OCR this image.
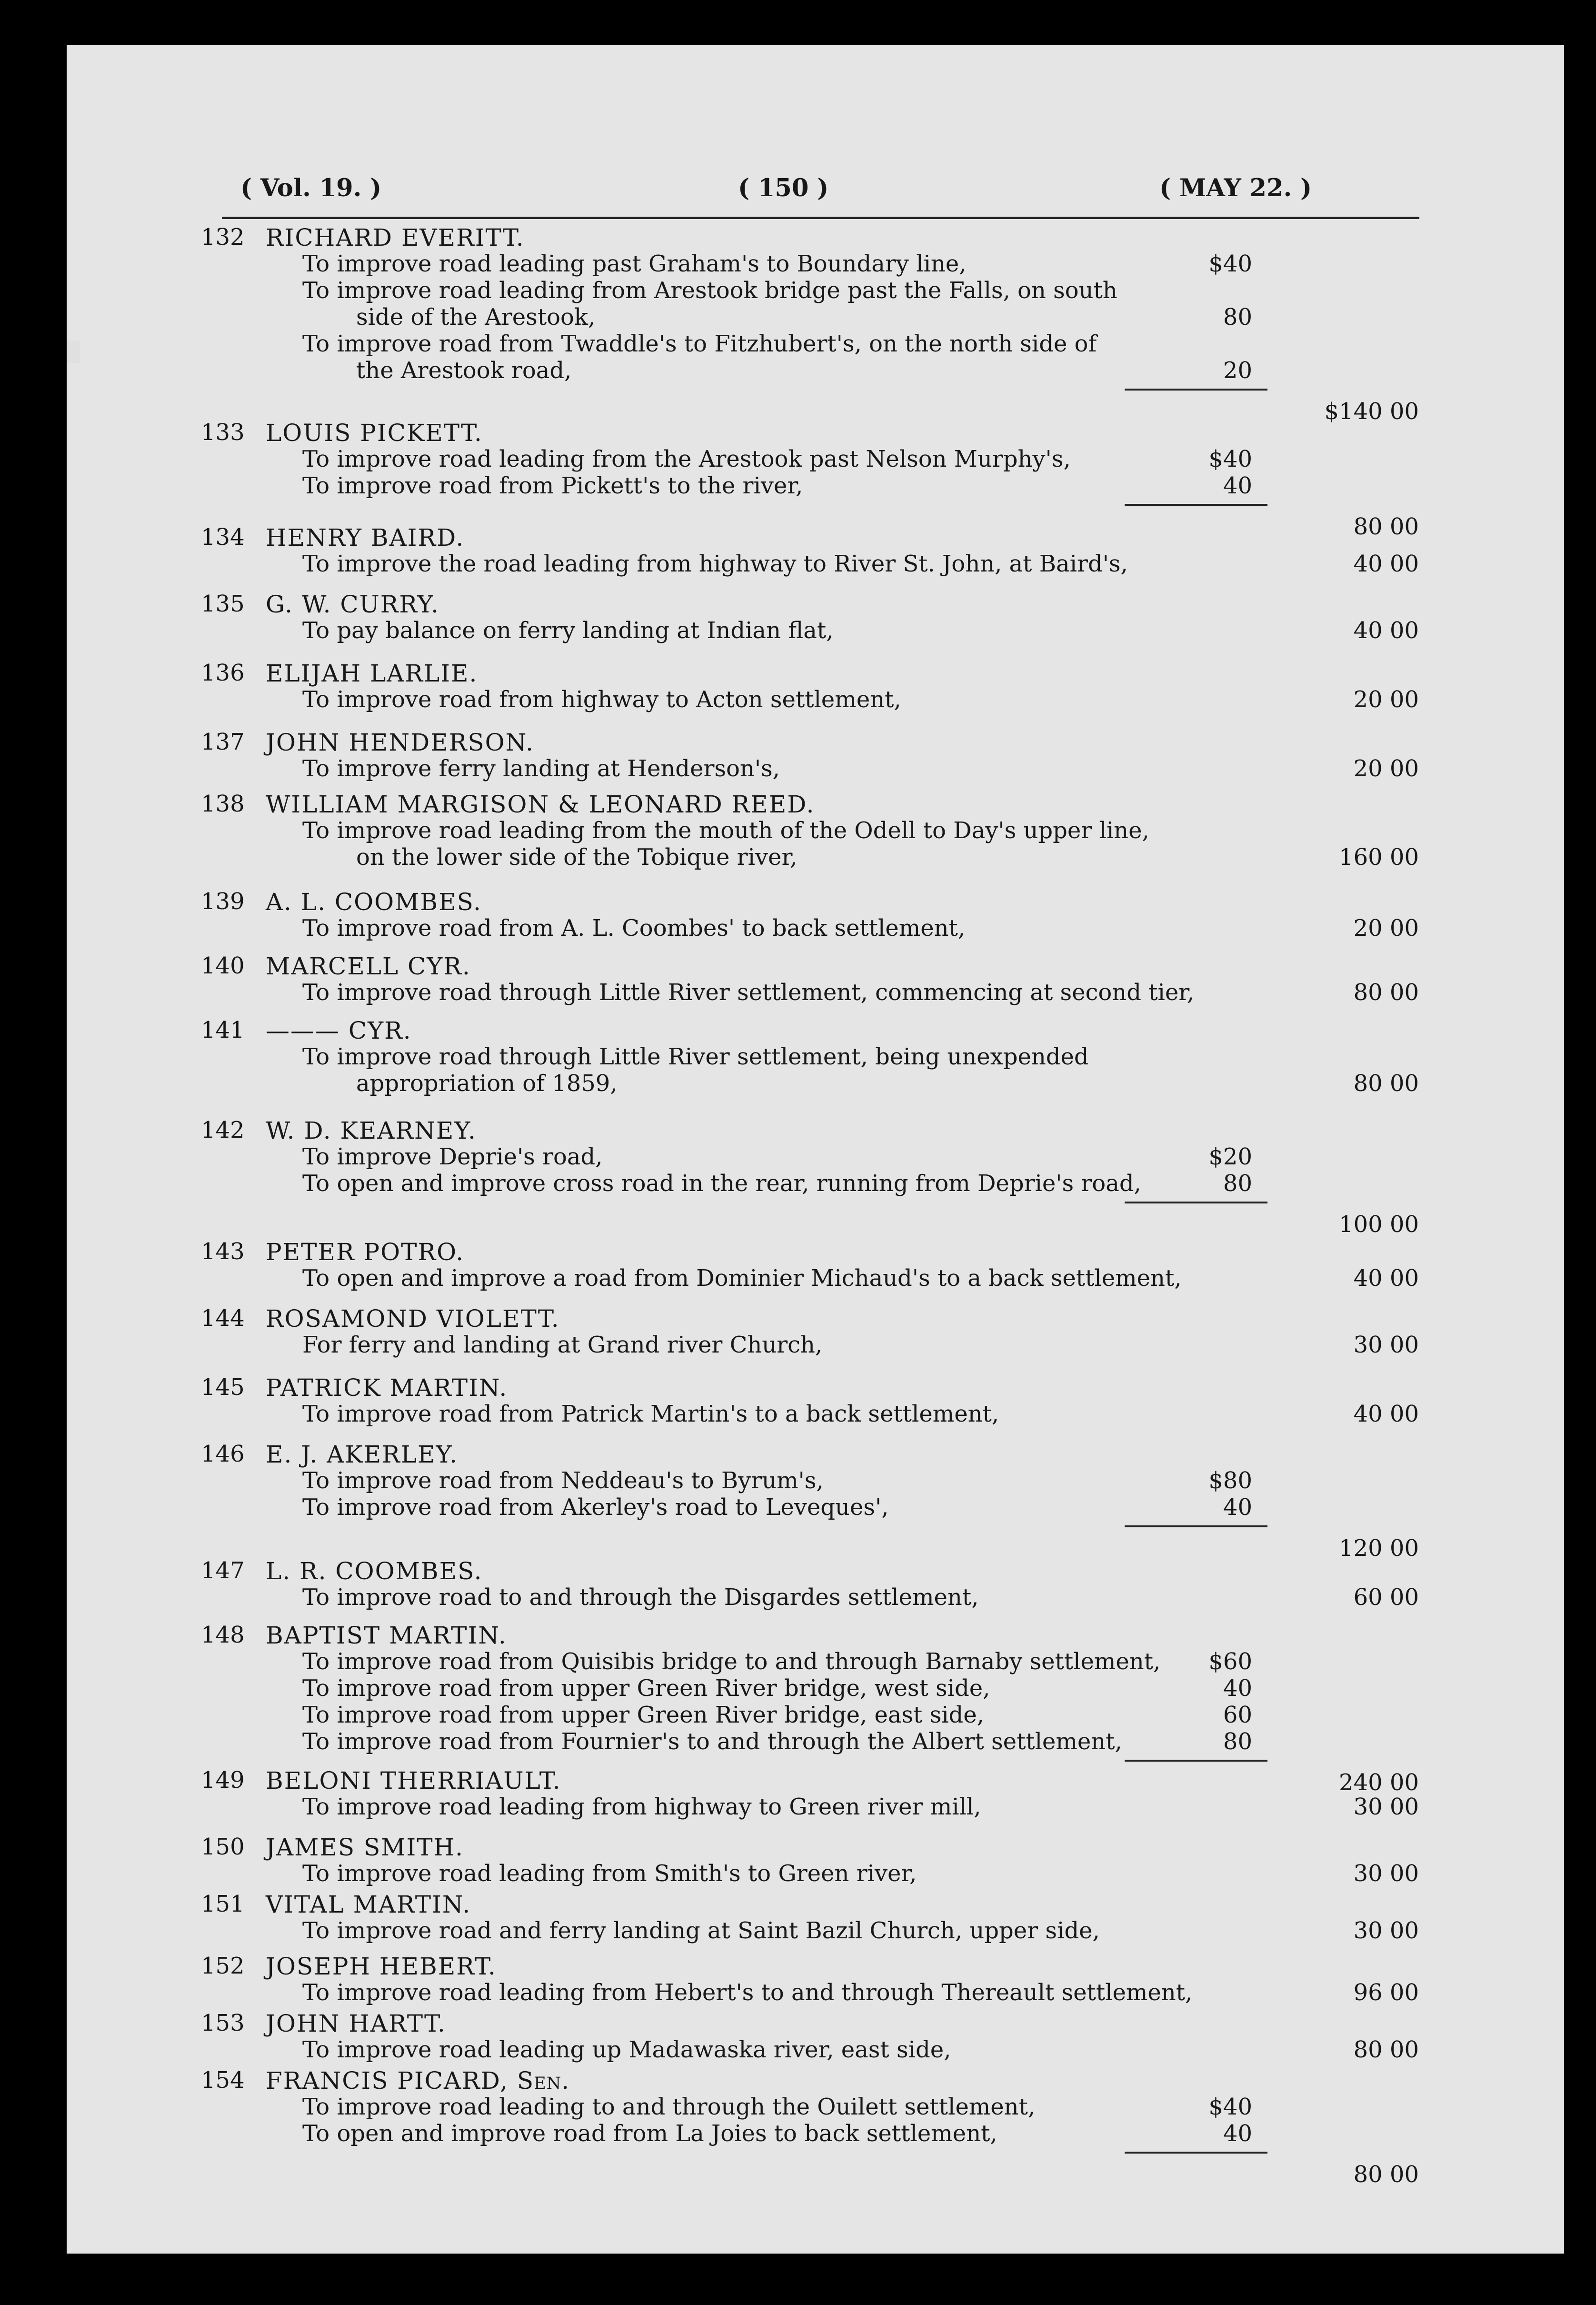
( Vol. 19. )	( 150 )	( MAY 22. )
132 RICHARD EVERITT.
To improve road leading past Graham's to Boundary line,	$40
To improve road leading from Arestook bridge past the Falls, on south
side of the Arestook,	80
To improve road from Twaddle's to Fitzhubert's, on the north side of
the Arestook road,	20
$140 00
133 LOUIS PICKETT.
To improve road leading from the Arestook past Nelson Murphy's,	$40
To improve road from Pickett's to the river,	40
80 00
134 HENRY BAIRD.
To improve the road leading from highway to River St. John, at Baird's,	40 00
135 G. W. CURRY.
To pay balance on ferry landing at Indian flat,	40 00
136 ELIJAH LARLIE.
To improve road from highway to Acton settlement,	20 00
137 JOHN HENDERSON.
To improve ferry landing at Henderson's,	20 00
138 WILLIAM MARGISON & LEONARD REED.
To improve road leading from the mouth of the Odell to Day's upper line,
on the lower side of the Tobique river,	160 00
139 A. L. COOMBES.
To improve road from A. L. Coombes' to back settlement,	20 00
140 MARCELL CYR.
To improve road through Little River settlement, commencing at second tier,	80 00
141 ——— CYR.
To improve road through Little River settlement, being unexpended
appropriation of 1859,	80 00
142 W. D. KEARNEY.
To improve Deprie's road,	$20
To open and improve cross road in the rear, running from Deprie's road,	80
100 00
143 PETER POTRO.
To open and improve a road from Dominier Michaud's to a back settlement,	40 00
144 ROSAMOND VIOLETT.
For ferry and landing at Grand river Church,	30 00
145 PATRICK MARTIN.
To improve road from Patrick Martin's to a back settlement,	40 00
146 E. J. AKERLEY.
To improve road from Neddeau's to Byrum's,	$80
To improve road from Akerley's road to Leveques',	40
120 00
147 L. R. COOMBES.
To improve road to and through the Disgardes settlement,	60 00
148 BAPTIST MARTIN.
To improve road from Quisibis bridge to and through Barnaby settlement,	$60
To improve road from upper Green River bridge, west side,	40
To improve road from upper Green River bridge, east side,	60
To improve road from Fournier's to and through the Albert settlement,	80
240 00
149 BELONI THERRIAULT.
To improve road leading from highway to Green river mill,	30 00
150 JAMES SMITH.
To improve road leading from Smith's to Green river,	30 00
151 VITAL MARTIN.
To improve road and ferry landing at Saint Bazil Church, upper side,	30 00
152 JOSEPH HEBERT.
To improve road leading from Hebert's to and through Thereault settlement,	96 00
153 JOHN HARTT.
To improve road leading up Madawaska river, east side,	80 00
154 FRANCIS PICARD, Sen.
To improve road leading to and through the Ouilett settlement,	$40
To open and improve road from La Joies to back settlement,	40
80 00
